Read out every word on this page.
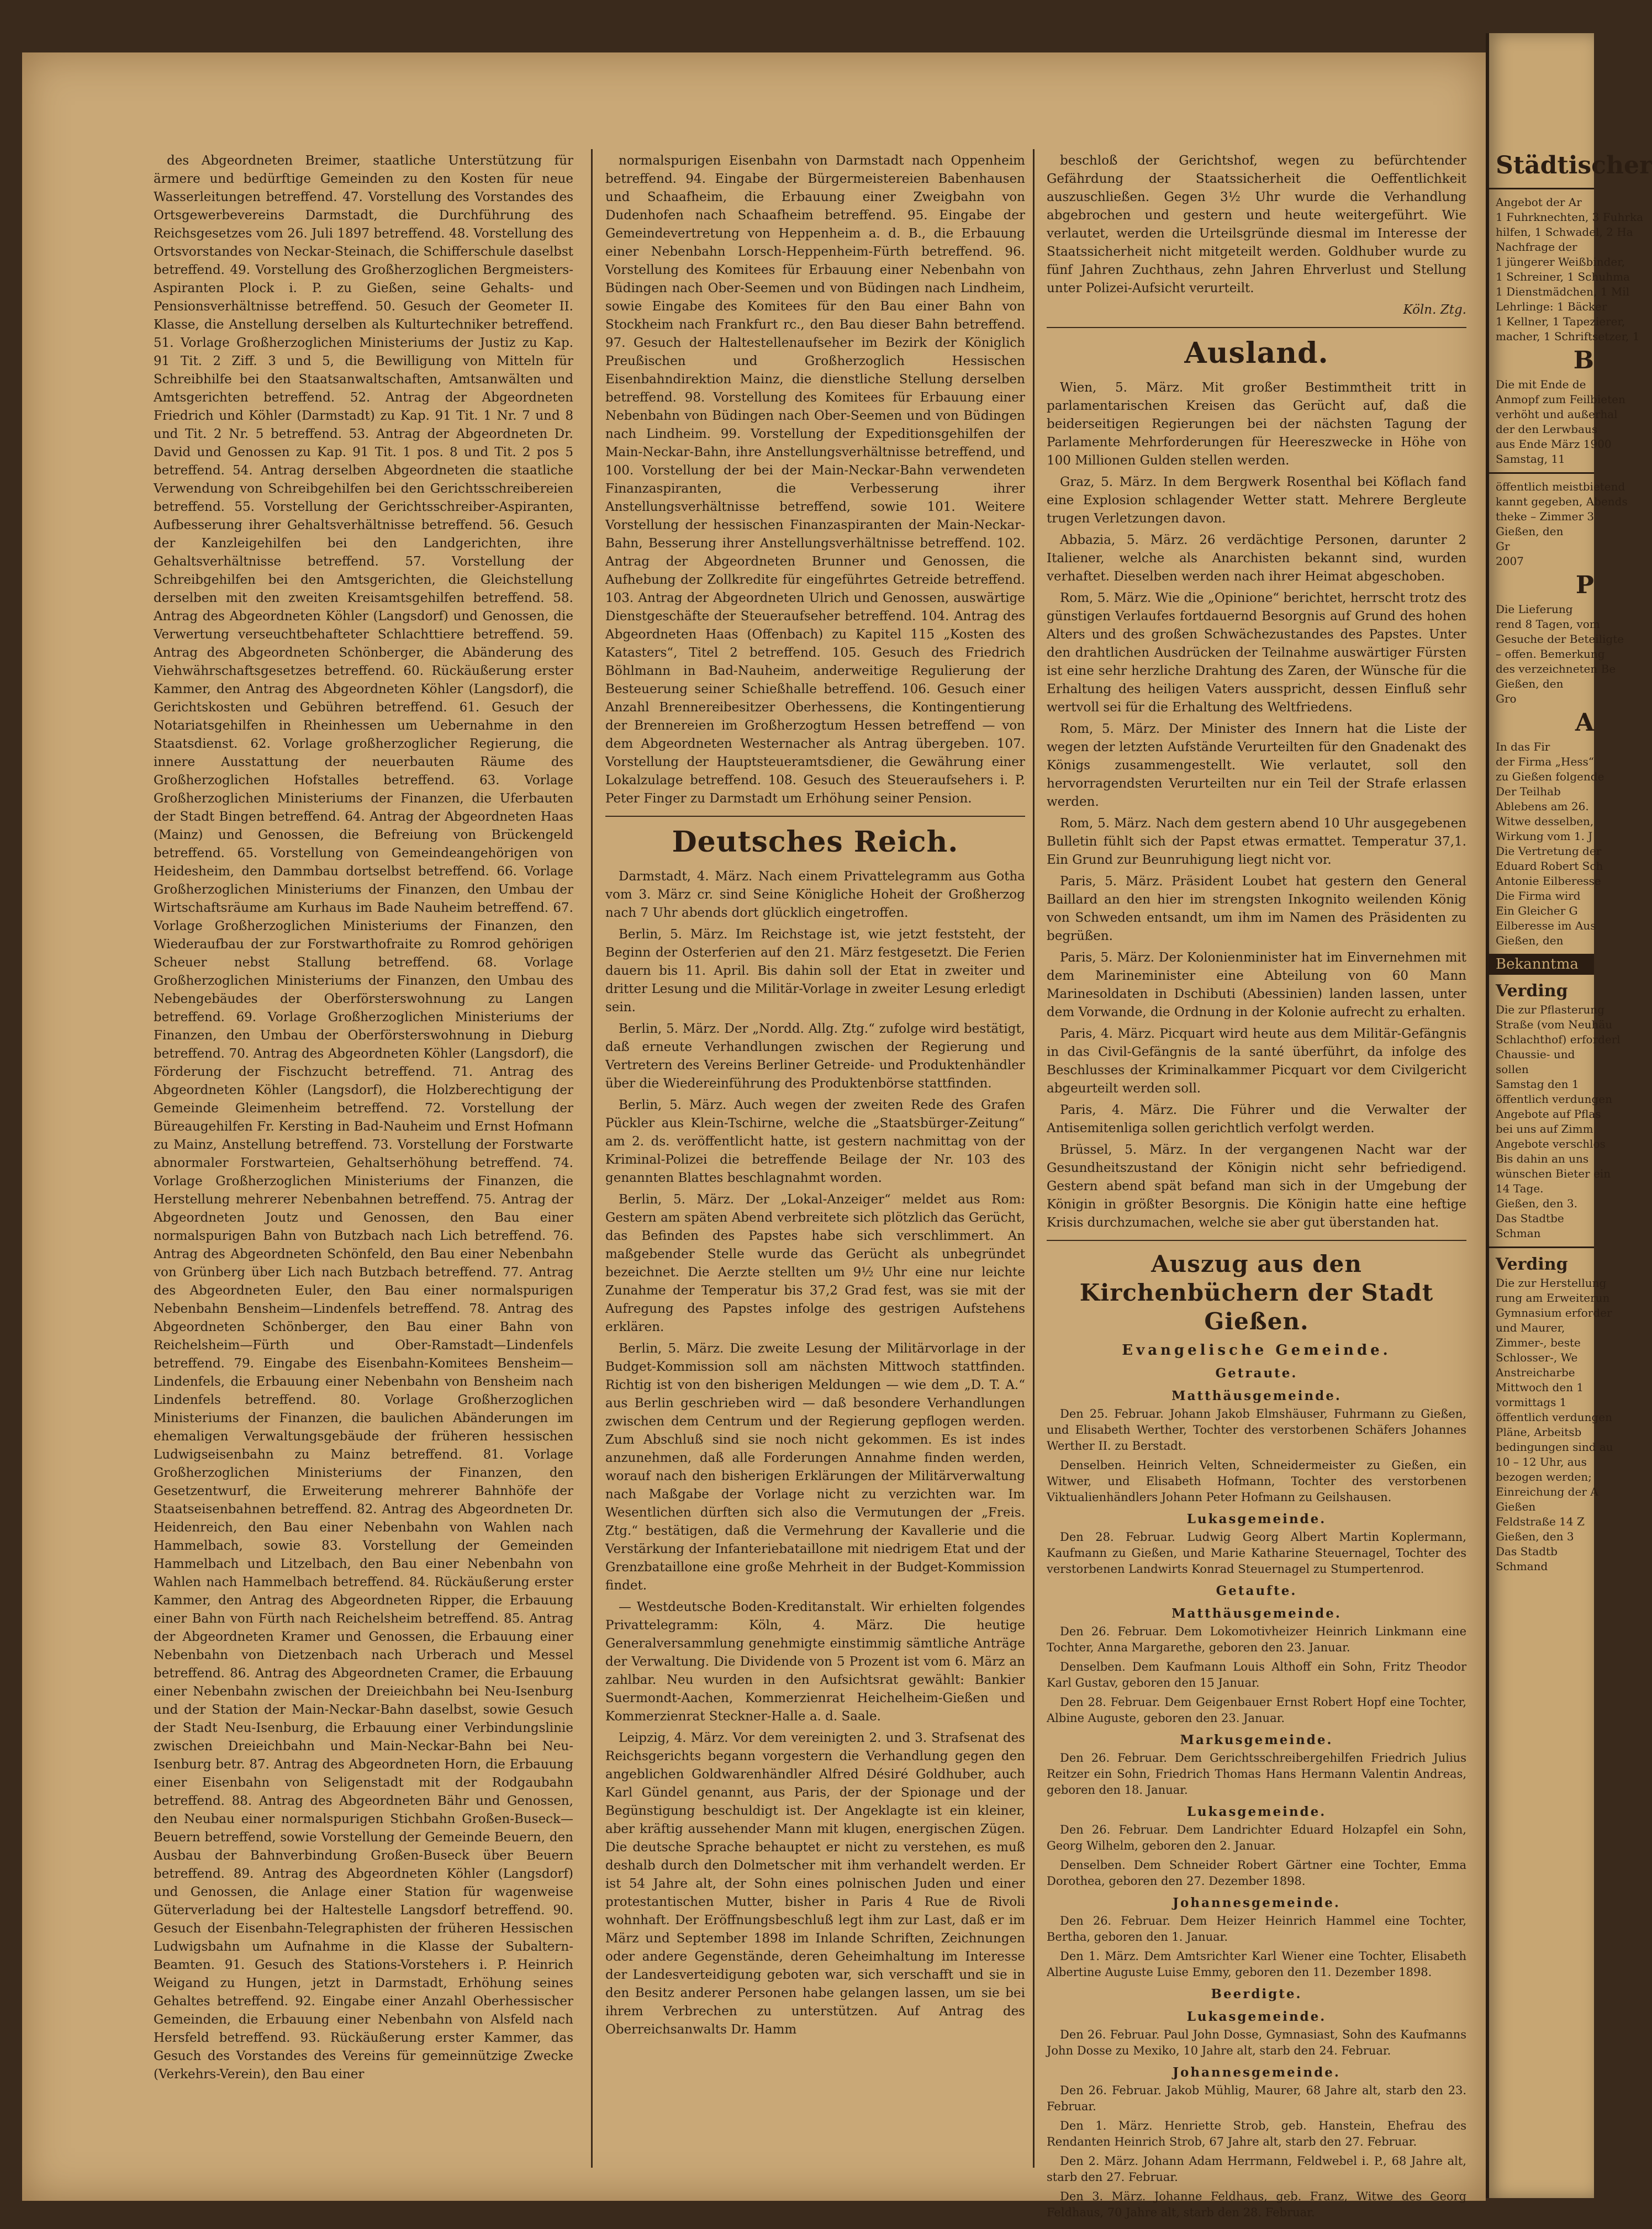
des Abgeordneten Breimer, staatliche Unterstützung für ärmere und bedürftige Gemeinden zu den Kosten für neue Wasserleitungen betreffend. 47. Vorstellung des Vorstandes des Ortsgewerbevereins Darmstadt, die Durchführung des Reichsgesetzes vom 26. Juli 1897 betreffend. 48. Vorstellung des Ortsvorstandes von Neckar-Steinach, die Schifferschule daselbst betreffend. 49. Vorstellung des Großherzoglichen Bergmeisters-Aspiranten Plock i. P. zu Gießen, seine Gehalts- und Pensionsverhältnisse betreffend. 50. Gesuch der Geometer II. Klasse, die Anstellung derselben als Kulturtechniker betreffend. 51. Vorlage Großherzoglichen Ministeriums der Justiz zu Kap. 91 Tit. 2 Ziff. 3 und 5, die Bewilligung von Mitteln für Schreibhilfe bei den Staatsanwaltschaften, Amtsanwälten und Amtsgerichten betreffend. 52. Antrag der Abgeordneten Friedrich und Köhler (Darmstadt) zu Kap. 91 Tit. 1 Nr. 7 und 8 und Tit. 2 Nr. 5 betreffend. 53. Antrag der Abgeordneten Dr. David und Genossen zu Kap. 91 Tit. 1 pos. 8 und Tit. 2 pos 5 betreffend. 54. Antrag derselben Abgeordneten die staatliche Verwendung von Schreibgehilfen bei den Gerichtsschreibereien betreffend. 55. Vorstellung der Gerichtsschreiber-Aspiranten, Aufbesserung ihrer Gehaltsverhältnisse betreffend. 56. Gesuch der Kanzleigehilfen bei den Landgerichten, ihre Gehaltsverhältnisse betreffend. 57. Vorstellung der Schreibgehilfen bei den Amtsgerichten, die Gleichstellung derselben mit den zweiten Kreisamtsgehilfen betreffend. 58. Antrag des Abgeordneten Köhler (Langsdorf) und Genossen, die Verwertung verseuchtbehafteter Schlachttiere betreffend. 59. Antrag des Abgeordneten Schönberger, die Abänderung des Viehwährschaftsgesetzes betreffend. 60. Rückäußerung erster Kammer, den Antrag des Abgeordneten Köhler (Langsdorf), die Gerichtskosten und Gebühren betreffend. 61. Gesuch der Notariatsgehilfen in Rheinhessen um Uebernahme in den Staatsdienst. 62. Vorlage großherzoglicher Regierung, die innere Ausstattung der neuerbauten Räume des Großherzoglichen Hofstalles betreffend. 63. Vorlage Großherzoglichen Ministeriums der Finanzen, die Uferbauten der Stadt Bingen betreffend. 64. Antrag der Abgeordneten Haas (Mainz) und Genossen, die Befreiung von Brückengeld betreffend. 65. Vorstellung von Gemeindeangehörigen von Heidesheim, den Dammbau dortselbst betreffend. 66. Vorlage Großherzoglichen Ministeriums der Finanzen, den Umbau der Wirtschaftsräume am Kurhaus im Bade Nauheim betreffend. 67. Vorlage Großherzoglichen Ministeriums der Finanzen, den Wiederaufbau der zur Forstwarthofraite zu Romrod gehörigen Scheuer nebst Stallung betreffend. 68. Vorlage Großherzoglichen Ministeriums der Finanzen, den Umbau des Nebengebäudes der Oberförsterswohnung zu Langen betreffend. 69. Vorlage Großherzoglichen Ministeriums der Finanzen, den Umbau der Oberförsterswohnung in Dieburg betreffend. 70. Antrag des Abgeordneten Köhler (Langsdorf), die Förderung der Fischzucht betreffend. 71. Antrag des Abgeordneten Köhler (Langsdorf), die Holzberechtigung der Gemeinde Gleimenheim betreffend. 72. Vorstellung der Büreaugehilfen Fr. Kersting in Bad-Nauheim und Ernst Hofmann zu Mainz, Anstellung betreffend. 73. Vorstellung der Forstwarte abnormaler Forstwarteien, Gehaltserhöhung betreffend. 74. Vorlage Großherzoglichen Ministeriums der Finanzen, die Herstellung mehrerer Nebenbahnen betreffend. 75. Antrag der Abgeordneten Joutz und Genossen, den Bau einer normalspurigen Bahn von Butzbach nach Lich betreffend. 76. Antrag des Abgeordneten Schönfeld, den Bau einer Nebenbahn von Grünberg über Lich nach Butzbach betreffend. 77. Antrag des Abgeordneten Euler, den Bau einer normalspurigen Nebenbahn Bensheim—Lindenfels betreffend. 78. Antrag des Abgeordneten Schönberger, den Bau einer Bahn von Reichelsheim—Fürth und Ober-Ramstadt—Lindenfels betreffend. 79. Eingabe des Eisenbahn-Komitees Bensheim—Lindenfels, die Erbauung einer Nebenbahn von Bensheim nach Lindenfels betreffend. 80. Vorlage Großherzoglichen Ministeriums der Finanzen, die baulichen Abänderungen im ehemaligen Verwaltungsgebäude der früheren hessischen Ludwigseisenbahn zu Mainz betreffend. 81. Vorlage Großherzoglichen Ministeriums der Finanzen, den Gesetzentwurf, die Erweiterung mehrerer Bahnhöfe der Staatseisenbahnen betreffend. 82. Antrag des Abgeordneten Dr. Heidenreich, den Bau einer Nebenbahn von Wahlen nach Hammelbach, sowie 83. Vorstellung der Gemeinden Hammelbach und Litzelbach, den Bau einer Nebenbahn von Wahlen nach Hammelbach betreffend. 84. Rückäußerung erster Kammer, den Antrag des Abgeordneten Ripper, die Erbauung einer Bahn von Fürth nach Reichelsheim betreffend. 85. Antrag der Abgeordneten Kramer und Genossen, die Erbauung einer Nebenbahn von Dietzenbach nach Urberach und Messel betreffend. 86. Antrag des Abgeordneten Cramer, die Erbauung einer Nebenbahn zwischen der Dreieichbahn bei Neu-Isenburg und der Station der Main-Neckar-Bahn daselbst, sowie Gesuch der Stadt Neu-Isenburg, die Erbauung einer Verbindungslinie zwischen Dreieichbahn und Main-Neckar-Bahn bei Neu-Isenburg betr. 87. Antrag des Abgeordneten Horn, die Erbauung einer Eisenbahn von Seligenstadt mit der Rodgaubahn betreffend. 88. Antrag des Abgeordneten Bähr und Genossen, den Neubau einer normalspurigen Stichbahn Großen-Buseck—Beuern betreffend, sowie Vorstellung der Gemeinde Beuern, den Ausbau der Bahnverbindung Großen-Buseck über Beuern betreffend. 89. Antrag des Abgeordneten Köhler (Langsdorf) und Genossen, die Anlage einer Station für wagenweise Güterverladung bei der Haltestelle Langsdorf betreffend. 90. Gesuch der Eisenbahn-Telegraphisten der früheren Hessischen Ludwigsbahn um Aufnahme in die Klasse der Subaltern-Beamten. 91. Gesuch des Stations-Vorstehers i. P. Heinrich Weigand zu Hungen, jetzt in Darmstadt, Erhöhung seines Gehaltes betreffend. 92. Eingabe einer Anzahl Oberhessischer Gemeinden, die Erbauung einer Nebenbahn von Alsfeld nach Hersfeld betreffend. 93. Rückäußerung erster Kammer, das Gesuch des Vorstandes des Vereins für gemeinnützige Zwecke (Verkehrs-Verein), den Bau einer

normalspurigen Eisenbahn von Darmstadt nach Oppenheim betreffend. 94. Eingabe der Bürgermeistereien Babenhausen und Schaafheim, die Erbauung einer Zweigbahn von Dudenhofen nach Schaafheim betreffend. 95. Eingabe der Gemeindevertretung von Heppenheim a. d. B., die Erbauung einer Nebenbahn Lorsch-Heppenheim-Fürth betreffend. 96. Vorstellung des Komitees für Erbauung einer Nebenbahn von Büdingen nach Ober-Seemen und von Büdingen nach Lindheim, sowie Eingabe des Komitees für den Bau einer Bahn von Stockheim nach Frankfurt rc., den Bau dieser Bahn betreffend. 97. Gesuch der Haltestellenaufseher im Bezirk der Königlich Preußischen und Großherzoglich Hessischen Eisenbahndirektion Mainz, die dienstliche Stellung derselben betreffend. 98. Vorstellung des Komitees für Erbauung einer Nebenbahn von Büdingen nach Ober-Seemen und von Büdingen nach Lindheim. 99. Vorstellung der Expeditionsgehilfen der Main-Neckar-Bahn, ihre Anstellungsverhältnisse betreffend, und 100. Vorstellung der bei der Main-Neckar-Bahn verwendeten Finanzaspiranten, die Verbesserung ihrer Anstellungsverhältnisse betreffend, sowie 101. Weitere Vorstellung der hessischen Finanzaspiranten der Main-Neckar-Bahn, Besserung ihrer Anstellungsverhältnisse betreffend. 102. Antrag der Abgeordneten Brunner und Genossen, die Aufhebung der Zollkredite für eingeführtes Getreide betreffend. 103. Antrag der Abgeordneten Ulrich und Genossen, auswärtige Dienstgeschäfte der Steueraufseher betreffend. 104. Antrag des Abgeordneten Haas (Offenbach) zu Kapitel 115 „Kosten des Katasters“, Titel 2 betreffend. 105. Gesuch des Friedrich Böhlmann in Bad-Nauheim, anderweitige Regulierung der Besteuerung seiner Schießhalle betreffend. 106. Gesuch einer Anzahl Brennereibesitzer Oberhessens, die Kontingentierung der Brennereien im Großherzogtum Hessen betreffend — von dem Abgeordneten Westernacher als Antrag übergeben. 107. Vorstellung der Hauptsteueramtsdiener, die Gewährung einer Lokalzulage betreffend. 108. Gesuch des Steueraufsehers i. P. Peter Finger zu Darmstadt um Erhöhung seiner Pension.

Deutsches Reich.

Darmstadt, 4. März. Nach einem Privattelegramm aus Gotha vom 3. März cr. sind Seine Königliche Hoheit der Großherzog nach 7 Uhr abends dort glücklich eingetroffen.

Berlin, 5. März. Im Reichstage ist, wie jetzt feststeht, der Beginn der Osterferien auf den 21. März festgesetzt. Die Ferien dauern bis 11. April. Bis dahin soll der Etat in zweiter und dritter Lesung und die Militär-Vorlage in zweiter Lesung erledigt sein.

Berlin, 5. März. Der „Nordd. Allg. Ztg.“ zufolge wird bestätigt, daß erneute Verhandlungen zwischen der Regierung und Vertretern des Vereins Berliner Getreide- und Produktenhändler über die Wiedereinführung des Produktenbörse stattfinden.

Berlin, 5. März. Auch wegen der zweiten Rede des Grafen Pückler aus Klein-Tschirne, welche die „Staatsbürger-Zeitung“ am 2. ds. veröffentlicht hatte, ist gestern nachmittag von der Kriminal-Polizei die betreffende Beilage der Nr. 103 des genannten Blattes beschlagnahmt worden.

Berlin, 5. März. Der „Lokal-Anzeiger“ meldet aus Rom: Gestern am späten Abend verbreitete sich plötzlich das Gerücht, das Befinden des Papstes habe sich verschlimmert. An maßgebender Stelle wurde das Gerücht als unbegründet bezeichnet. Die Aerzte stellten um 9½ Uhr eine nur leichte Zunahme der Temperatur bis 37,2 Grad fest, was sie mit der Aufregung des Papstes infolge des gestrigen Aufstehens erklären.

Berlin, 5. März. Die zweite Lesung der Militärvorlage in der Budget-Kommission soll am nächsten Mittwoch stattfinden. Richtig ist von den bisherigen Meldungen — wie dem „D. T. A.“ aus Berlin geschrieben wird — daß besondere Verhandlungen zwischen dem Centrum und der Regierung gepflogen werden. Zum Abschluß sind sie noch nicht gekommen. Es ist indes anzunehmen, daß alle Forderungen Annahme finden werden, worauf nach den bisherigen Erklärungen der Militärverwaltung nach Maßgabe der Vorlage nicht zu verzichten war. Im Wesentlichen dürften sich also die Vermutungen der „Freis. Ztg.“ bestätigen, daß die Vermehrung der Kavallerie und die Verstärkung der Infanteriebataillone mit niedrigem Etat und der Grenzbataillone eine große Mehrheit in der Budget-Kommission findet.

— Westdeutsche Boden-Kreditanstalt. Wir erhielten folgendes Privattelegramm: Köln, 4. März. Die heutige Generalversammlung genehmigte einstimmig sämtliche Anträge der Verwaltung. Die Dividende von 5 Prozent ist vom 6. März an zahlbar. Neu wurden in den Aufsichtsrat gewählt: Bankier Suermondt-Aachen, Kommerzienrat Heichelheim-Gießen und Kommerzienrat Steckner-Halle a. d. Saale.

Leipzig, 4. März. Vor dem vereinigten 2. und 3. Strafsenat des Reichsgerichts begann vorgestern die Verhandlung gegen den angeblichen Goldwarenhändler Alfred Désiré Goldhuber, auch Karl Gündel genannt, aus Paris, der der Spionage und der Begünstigung beschuldigt ist. Der Angeklagte ist ein kleiner, aber kräftig aussehender Mann mit klugen, energischen Zügen. Die deutsche Sprache behauptet er nicht zu verstehen, es muß deshalb durch den Dolmetscher mit ihm verhandelt werden. Er ist 54 Jahre alt, der Sohn eines polnischen Juden und einer protestantischen Mutter, bisher in Paris 4 Rue de Rivoli wohnhaft. Der Eröffnungsbeschluß legt ihm zur Last, daß er im März und September 1898 im Inlande Schriften, Zeichnungen oder andere Gegenstände, deren Geheimhaltung im Interesse der Landesverteidigung geboten war, sich verschafft und sie in den Besitz anderer Personen habe gelangen lassen, um sie bei ihrem Verbrechen zu unterstützen. Auf Antrag des Oberreichsanwalts Dr. Hamm

beschloß der Gerichtshof, wegen zu befürchtender Gefährdung der Staatssicherheit die Oeffentlichkeit auszuschließen. Gegen 3½ Uhr wurde die Verhandlung abgebrochen und gestern und heute weitergeführt. Wie verlautet, werden die Urteilsgründe diesmal im Interesse der Staatssicherheit nicht mitgeteilt werden. Goldhuber wurde zu fünf Jahren Zuchthaus, zehn Jahren Ehrverlust und Stellung unter Polizei-Aufsicht verurteilt.

Köln. Ztg.

Ausland.

Wien, 5. März. Mit großer Bestimmtheit tritt in parlamentarischen Kreisen das Gerücht auf, daß die beiderseitigen Regierungen bei der nächsten Tagung der Parlamente Mehrforderungen für Heereszwecke in Höhe von 100 Millionen Gulden stellen werden.

Graz, 5. März. In dem Bergwerk Rosenthal bei Köflach fand eine Explosion schlagender Wetter statt. Mehrere Bergleute trugen Verletzungen davon.

Abbazia, 5. März. 26 verdächtige Personen, darunter 2 Italiener, welche als Anarchisten bekannt sind, wurden verhaftet. Dieselben werden nach ihrer Heimat abgeschoben.

Rom, 5. März. Wie die „Opinione“ berichtet, herrscht trotz des günstigen Verlaufes fortdauernd Besorgnis auf Grund des hohen Alters und des großen Schwächezustandes des Papstes. Unter den drahtlichen Ausdrücken der Teilnahme auswärtiger Fürsten ist eine sehr herzliche Drahtung des Zaren, der Wünsche für die Erhaltung des heiligen Vaters ausspricht, dessen Einfluß sehr wertvoll sei für die Erhaltung des Weltfriedens.

Rom, 5. März. Der Minister des Innern hat die Liste der wegen der letzten Aufstände Verurteilten für den Gnadenakt des Königs zusammengestellt. Wie verlautet, soll den hervorragendsten Verurteilten nur ein Teil der Strafe erlassen werden.

Rom, 5. März. Nach dem gestern abend 10 Uhr ausgegebenen Bulletin fühlt sich der Papst etwas ermattet. Temperatur 37,1. Ein Grund zur Beunruhigung liegt nicht vor.

Paris, 5. März. Präsident Loubet hat gestern den General Baillard an den hier im strengsten Inkognito weilenden König von Schweden entsandt, um ihm im Namen des Präsidenten zu begrüßen.

Paris, 5. März. Der Kolonienminister hat im Einvernehmen mit dem Marineminister eine Abteilung von 60 Mann Marinesoldaten in Dschibuti (Abessinien) landen lassen, unter dem Vorwande, die Ordnung in der Kolonie aufrecht zu erhalten.

Paris, 4. März. Picquart wird heute aus dem Militär-Gefängnis in das Civil-Gefängnis de la santé überführt, da infolge des Beschlusses der Kriminalkammer Picquart vor dem Civilgericht abgeurteilt werden soll.

Paris, 4. März. Die Führer und die Verwalter der Antisemitenliga sollen gerichtlich verfolgt werden.

Brüssel, 5. März. In der vergangenen Nacht war der Gesundheitszustand der Königin nicht sehr befriedigend. Gestern abend spät befand man sich in der Umgebung der Königin in größter Besorgnis. Die Königin hatte eine heftige Krisis durchzumachen, welche sie aber gut überstanden hat.

Auszug aus den Kirchenbüchern der Stadt Gießen.
Evangelische Gemeinde.
Getraute.
Matthäusgemeinde.

Den 25. Februar. Johann Jakob Elmshäuser, Fuhrmann zu Gießen, und Elisabeth Werther, Tochter des verstorbenen Schäfers Johannes Werther II. zu Berstadt.

Denselben. Heinrich Velten, Schneidermeister zu Gießen, ein Witwer, und Elisabeth Hofmann, Tochter des verstorbenen Viktualienhändlers Johann Peter Hofmann zu Geilshausen.

Lukasgemeinde.

Den 28. Februar. Ludwig Georg Albert Martin Koplermann, Kaufmann zu Gießen, und Marie Katharine Steuernagel, Tochter des verstorbenen Landwirts Konrad Steuernagel zu Stumpertenrod.

Getaufte.
Matthäusgemeinde.

Den 26. Februar. Dem Lokomotivheizer Heinrich Linkmann eine Tochter, Anna Margarethe, geboren den 23. Januar.

Denselben. Dem Kaufmann Louis Althoff ein Sohn, Fritz Theodor Karl Gustav, geboren den 15 Januar.

Den 28. Februar. Dem Geigenbauer Ernst Robert Hopf eine Tochter, Albine Auguste, geboren den 23. Januar.

Markusgemeinde.

Den 26. Februar. Dem Gerichtsschreibergehilfen Friedrich Julius Reitzer ein Sohn, Friedrich Thomas Hans Hermann Valentin Andreas, geboren den 18. Januar.

Lukasgemeinde.

Den 26. Februar. Dem Landrichter Eduard Holzapfel ein Sohn, Georg Wilhelm, geboren den 2. Januar.

Denselben. Dem Schneider Robert Gärtner eine Tochter, Emma Dorothea, geboren den 27. Dezember 1898.

Johannesgemeinde.

Den 26. Februar. Dem Heizer Heinrich Hammel eine Tochter, Bertha, geboren den 1. Januar.

Den 1. März. Dem Amtsrichter Karl Wiener eine Tochter, Elisabeth Albertine Auguste Luise Emmy, geboren den 11. Dezember 1898.

Beerdigte.
Lukasgemeinde.

Den 26. Februar. Paul John Dosse, Gymnasiast, Sohn des Kaufmanns John Dosse zu Mexiko, 10 Jahre alt, starb den 24. Februar.

Johannesgemeinde.

Den 26. Februar. Jakob Mühlig, Maurer, 68 Jahre alt, starb den 23. Februar.

Den 1. März. Henriette Strob, geb. Hanstein, Ehefrau des Rendanten Heinrich Strob, 67 Jahre alt, starb den 27. Februar.

Den 2. März. Johann Adam Herrmann, Feldwebel i. P., 68 Jahre alt, starb den 27. Februar.

Den 3. März. Johanne Feldhaus, geb. Franz, Witwe des Georg Feldhaus, 70 Jahre alt, starb den 28. Februar.

Städtischer
Angebot der Ar
1 Fuhrknechten, 3 Fuhrka
hilfen, 1 Schwadel, 2 Ha
Nachfrage der
1 jüngerer Weißbinder,
1 Schreiner, 1 Schuhma
1 Dienstmädchen, 1 Mil
Lehrlinge: 1 Bäcker
1 Kellner, 1 Tapezierer,
macher, 1 Schriftsetzer, 1
B
Die mit Ende de
Anmopf zum Feilbieten
verhöht und außerhal
der den Lerwbaus
aus Ende März 1900
Samstag, 11
öffentlich meistbietend
kannt gegeben, Abends
theke – Zimmer 3
Gießen, den
Gr
2007
P
Die Lieferung
rend 8 Tagen, vom
Gesuche der Beteiligte
– offen. Bemerkung
des verzeichneten Be
Gießen, den
Gro
A
In das Fir
der Firma „Hess“
zu Gießen folgende
Der Teilhab
Ablebens am 26.
Witwe desselben,
Wirkung vom 1. J
Die Vertretung der
Eduard Robert Sch
Antonie Eilberesse
Die Firma wird
Ein Gleicher G
Eilberesse im Aus
Gießen, den
Bekanntma
Verding
Die zur Pflasterung
Straße (vom Neuhäu
Schlachthof) erforderl
Chaussie- und
sollen
Samstag den 1
öffentlich verdungen
Angebote auf Pflas
bei uns auf Zimm
Angebote verschlos
Bis dahin an uns
wünschen Bieter ein
14 Tage.
Gießen, den 3.
Das Stadtbe
Schman
Verding
Die zur Herstellung
rung am Erweiterun
Gymnasium erforder
und Maurer,
Zimmer-, beste
Schlosser-, We
Anstreicharbe
Mittwoch den 1
vormittags 1
öffentlich verdungen
Pläne, Arbeitsb
bedingungen sind au
10 – 12 Uhr, aus
bezogen werden;
Einreichung der A
Gießen
Feldstraße 14 Z
Gießen, den 3
Das Stadtb
Schmand
